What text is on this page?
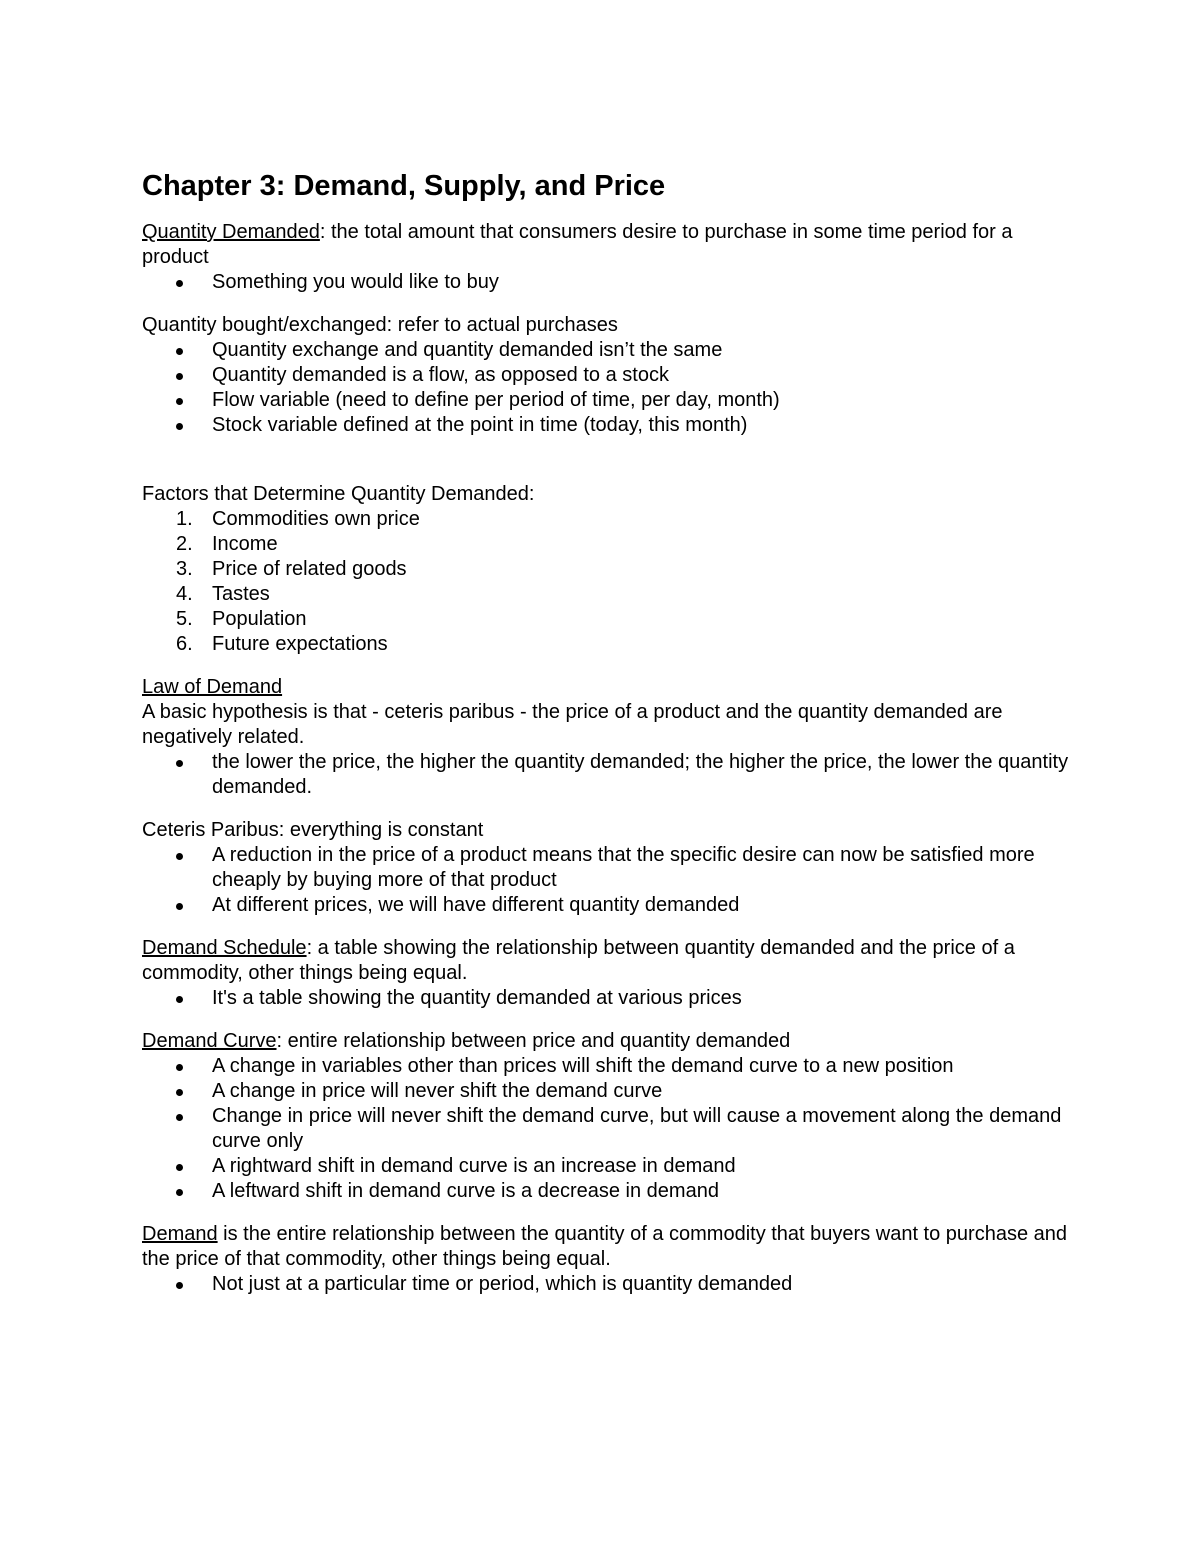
Chapter 3: Demand, Supply, and Price

Quantity Demanded: the total amount that consumers desire to purchase in some time period for a product

Something you would like to buy

Quantity bought/exchanged: refer to actual purchases

Quantity exchange and quantity demanded isn’t the same
Quantity demanded is a flow, as opposed to a stock
Flow variable (need to define per period of time, per day, month)
Stock variable defined at the point in time (today, this month)

Factors that Determine Quantity Demanded:

1. Commodities own price
2. Income
3. Price of related goods
4. Tastes
5. Population
6. Future expectations

Law of Demand

A basic hypothesis is that - ceteris paribus - the price of a product and the quantity demanded are negatively related.

the lower the price, the higher the quantity demanded; the higher the price, the lower the quantity demanded.

Ceteris Paribus: everything is constant

A reduction in the price of a product means that the specific desire can now be satisfied more cheaply by buying more of that product
At different prices, we will have different quantity demanded

Demand Schedule: a table showing the relationship between quantity demanded and the price of a commodity, other things being equal.

It's a table showing the quantity demanded at various prices

Demand Curve: entire relationship between price and quantity demanded

A change in variables other than prices will shift the demand curve to a new position
A change in price will never shift the demand curve
Change in price will never shift the demand curve, but will cause a movement along the demand curve only
A rightward shift in demand curve is an increase in demand
A leftward shift in demand curve is a decrease in demand

Demand is the entire relationship between the quantity of a commodity that buyers want to purchase and the price of that commodity, other things being equal.

Not just at a particular time or period, which is quantity demanded
